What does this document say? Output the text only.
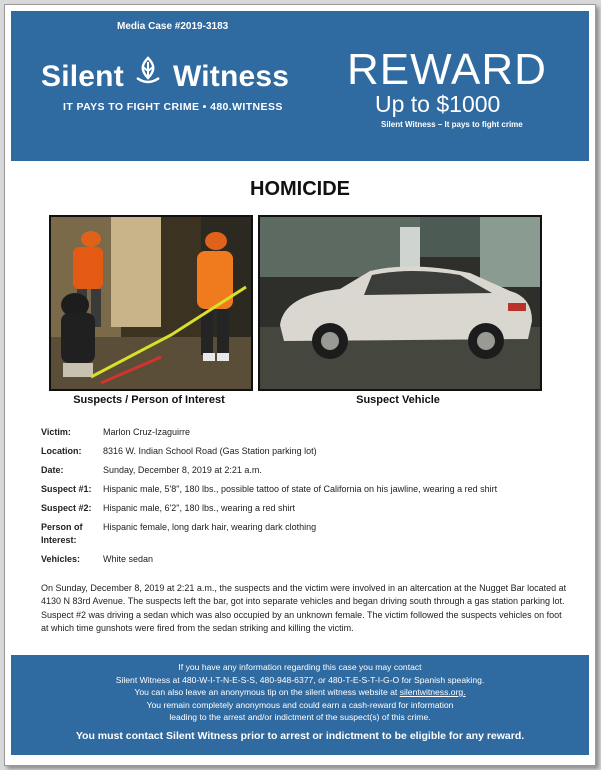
Media Case #2019-3183
Silent Witness
IT PAYS TO FIGHT CRIME • 480.WITNESS
REWARD
Up to $1000
Silent Witness – It pays to fight crime
HOMICIDE
Suspects / Person of Interest	Suspect Vehicle
Victim:	Marlon Cruz-Izaguirre
Location:	8316 W. Indian School Road (Gas Station parking lot)
Date:	Sunday, December 8, 2019 at 2:21 a.m.
Suspect #1:	Hispanic male, 5'8", 180 lbs., possible tattoo of state of California on his jawline, wearing a red shirt
Suspect #2:	Hispanic male, 6'2", 180 lbs., wearing a red shirt
Person of Interest:
Hispanic female, long dark hair, wearing dark clothing
Vehicles:	White sedan
On Sunday, December 8, 2019 at 2:21 a.m., the suspects and the victim were involved in an altercation at the Nugget Bar located at 4130 N 83rd Avenue. The suspects left the bar, got into separate vehicles and began driving south through a gas station parking lot. Suspect #2 was driving a sedan which was also occupied by an unknown female. The victim followed the suspects vehicles on foot at which time gunshots were fired from the sedan striking and killing the victim.
If you have any information regarding this case you may contact
Silent Witness at 480-W-I-T-N-E-S-S, 480-948-6377, or 480-T-E-S-T-I-G-O for Spanish speaking.
You can also leave an anonymous tip on the silent witness website at silentwitness.org.
You remain completely anonymous and could earn a cash-reward for information
leading to the arrest and/or indictment of the suspect(s) of this crime.
You must contact Silent Witness prior to arrest or indictment to be eligible for any reward.
